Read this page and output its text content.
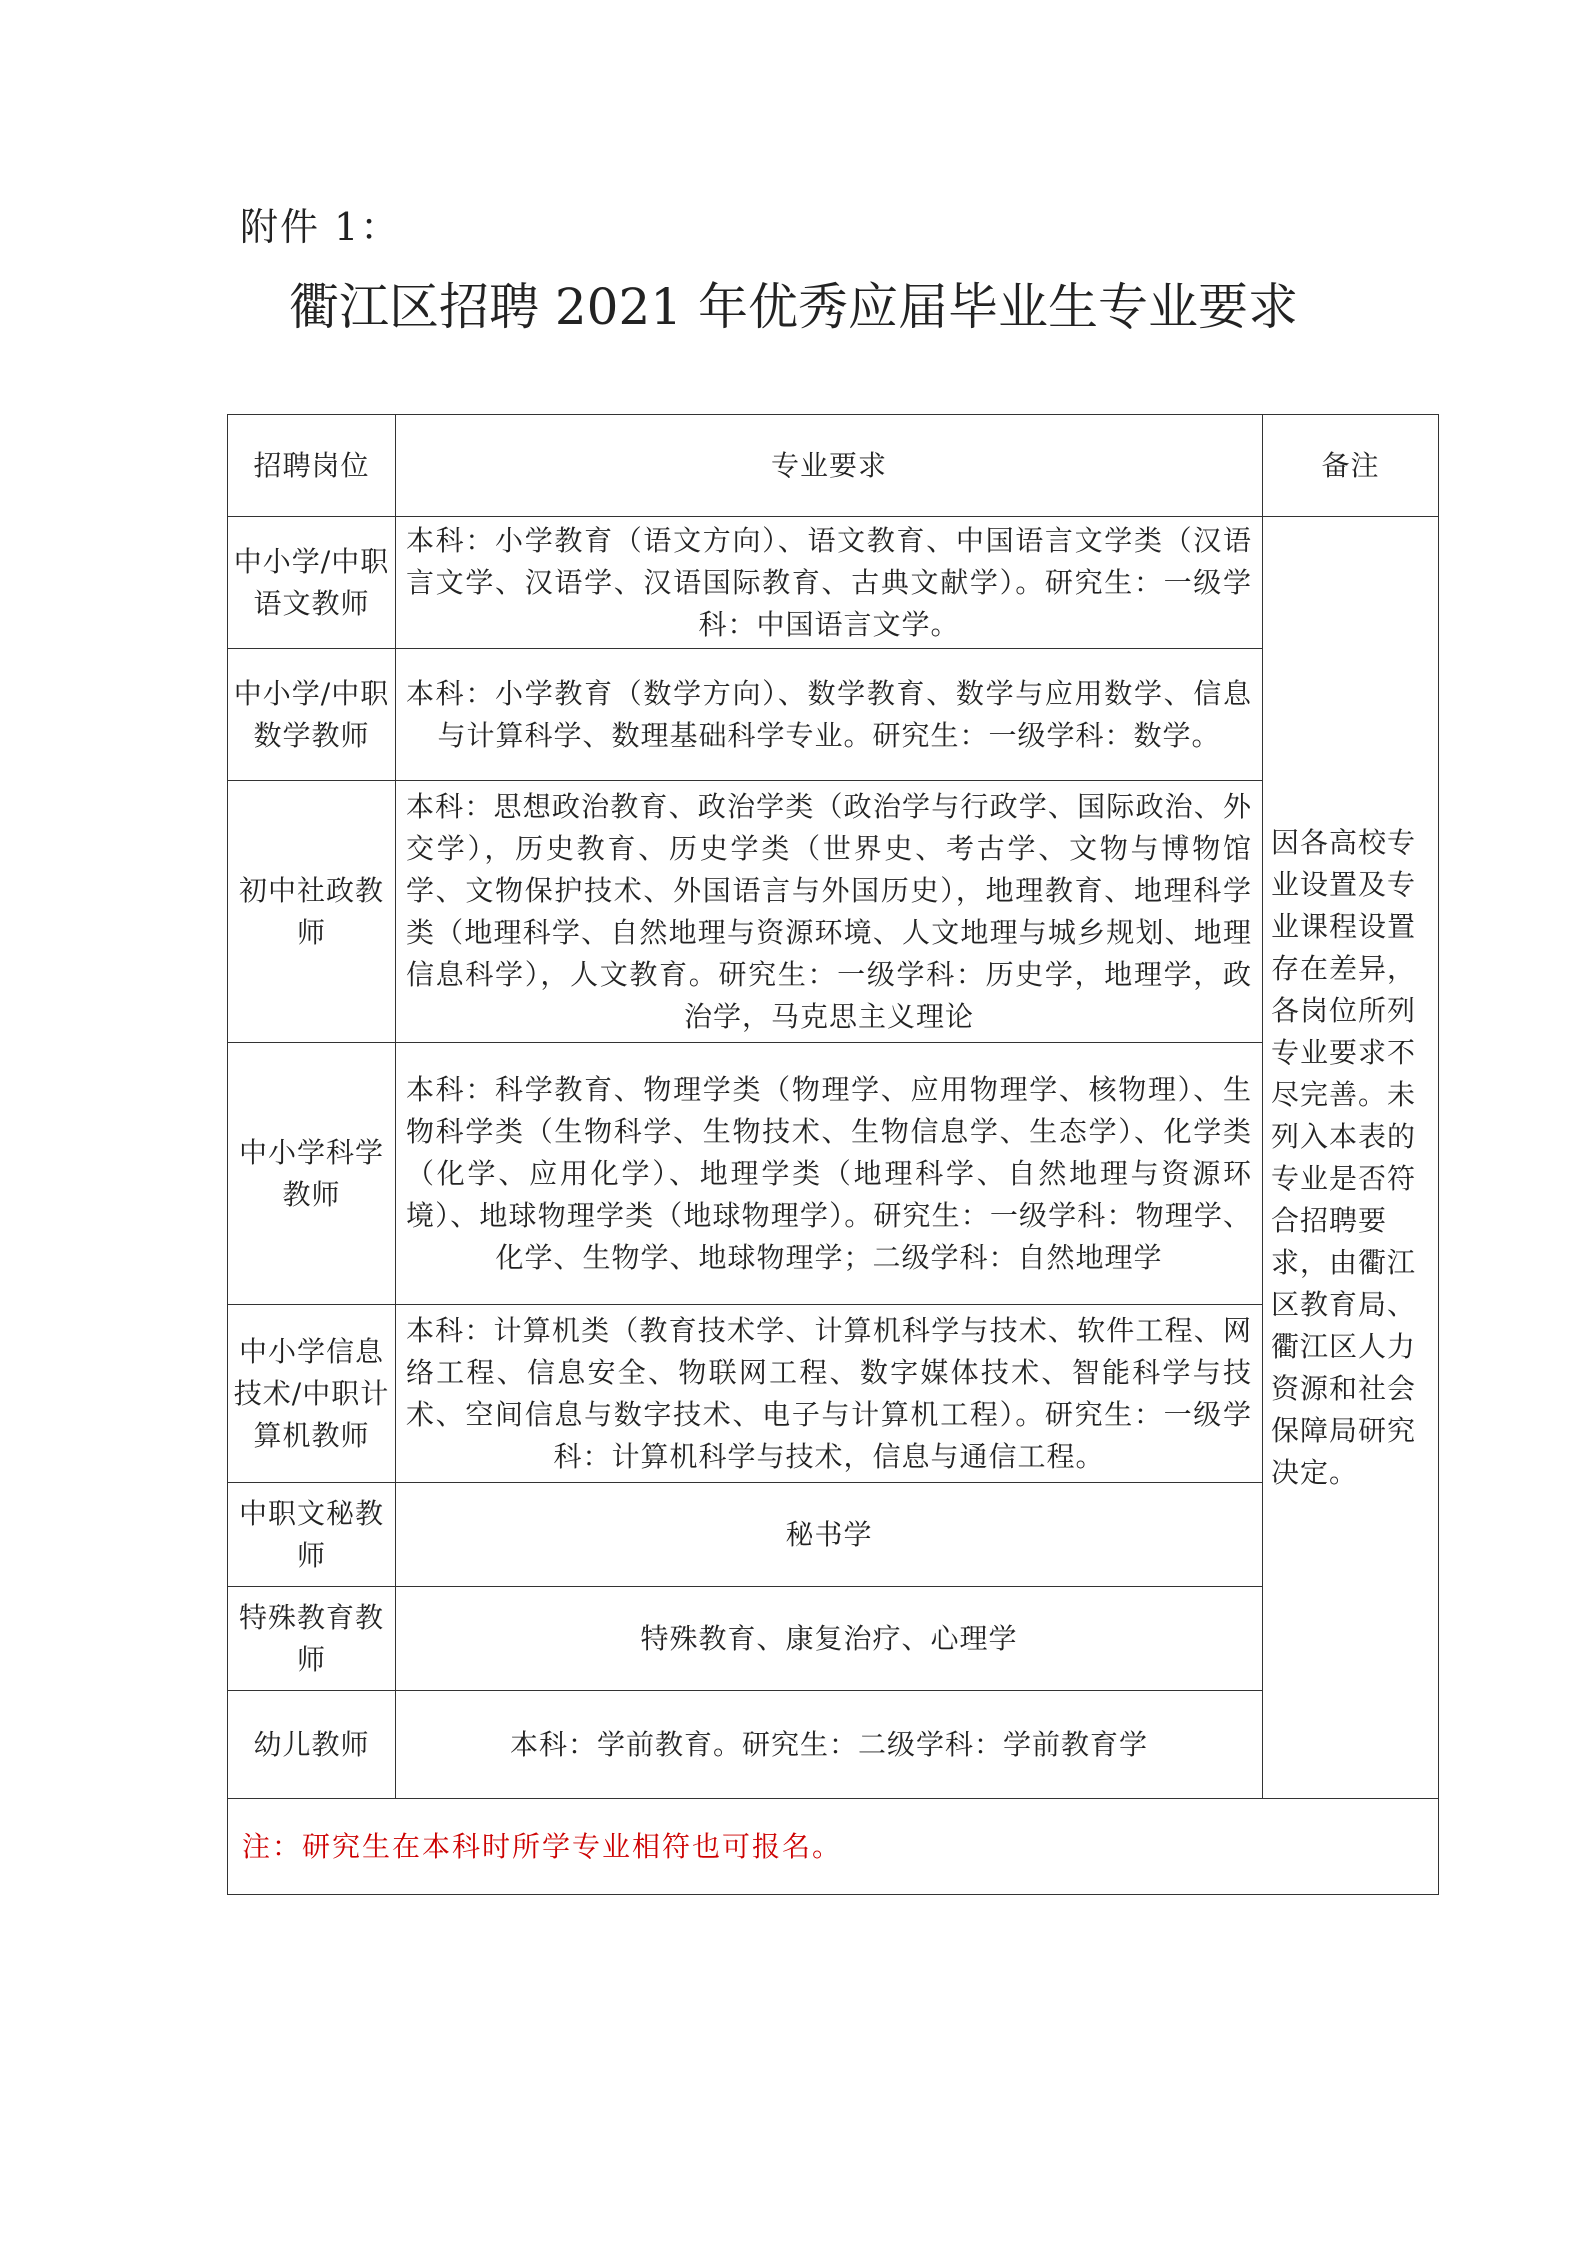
附件 1：
衢江区招聘 2021 年优秀应届毕业生专业要求
招聘岗位	专业要求	备注
中小学/中职语文教师	本科：小学教育（语文方向）、语文教育、中国语言文学类（汉语言文学、汉语学、汉语国际教育、古典文献学）。研究生：一级学科：中国语言文学。	因各高校专业设置及专业课程设置存在差异，各岗位所列专业要求不尽完善。未列入本表的专业是否符合招聘要求，由衢江区教育局、衢江区人力资源和社会保障局研究决定。
中小学/中职数学教师	本科：小学教育（数学方向）、数学教育、数学与应用数学、信息与计算科学、数理基础科学专业。研究生：一级学科：数学。	
初中社政教师	本科：思想政治教育、政治学类（政治学与行政学、国际政治、外交学），历史教育、历史学类（世界史、考古学、文物与博物馆学、文物保护技术、外国语言与外国历史），地理教育、地理科学类（地理科学、自然地理与资源环境、人文地理与城乡规划、地理信息科学），人文教育。研究生：一级学科：历史学，地理学，政治学，马克思主义理论	
中小学科学教师	本科：科学教育、物理学类（物理学、应用物理学、核物理）、生物科学类（生物科学、生物技术、生物信息学、生态学）、化学类（化学、应用化学）、地理学类（地理科学、自然地理与资源环境）、地球物理学类（地球物理学）。研究生：一级学科：物理学、化学、生物学、地球物理学；二级学科：自然地理学	
中小学信息技术/中职计算机教师	本科：计算机类（教育技术学、计算机科学与技术、软件工程、网络工程、信息安全、物联网工程、数字媒体技术、智能科学与技术、空间信息与数字技术、电子与计算机工程）。研究生：一级学科：计算机科学与技术，信息与通信工程。	
中职文秘教师	秘书学	
特殊教育教师	特殊教育、康复治疗、心理学	
幼儿教师	本科：学前教育。研究生：二级学科：学前教育学	
注：研究生在本科时所学专业相符也可报名。		
